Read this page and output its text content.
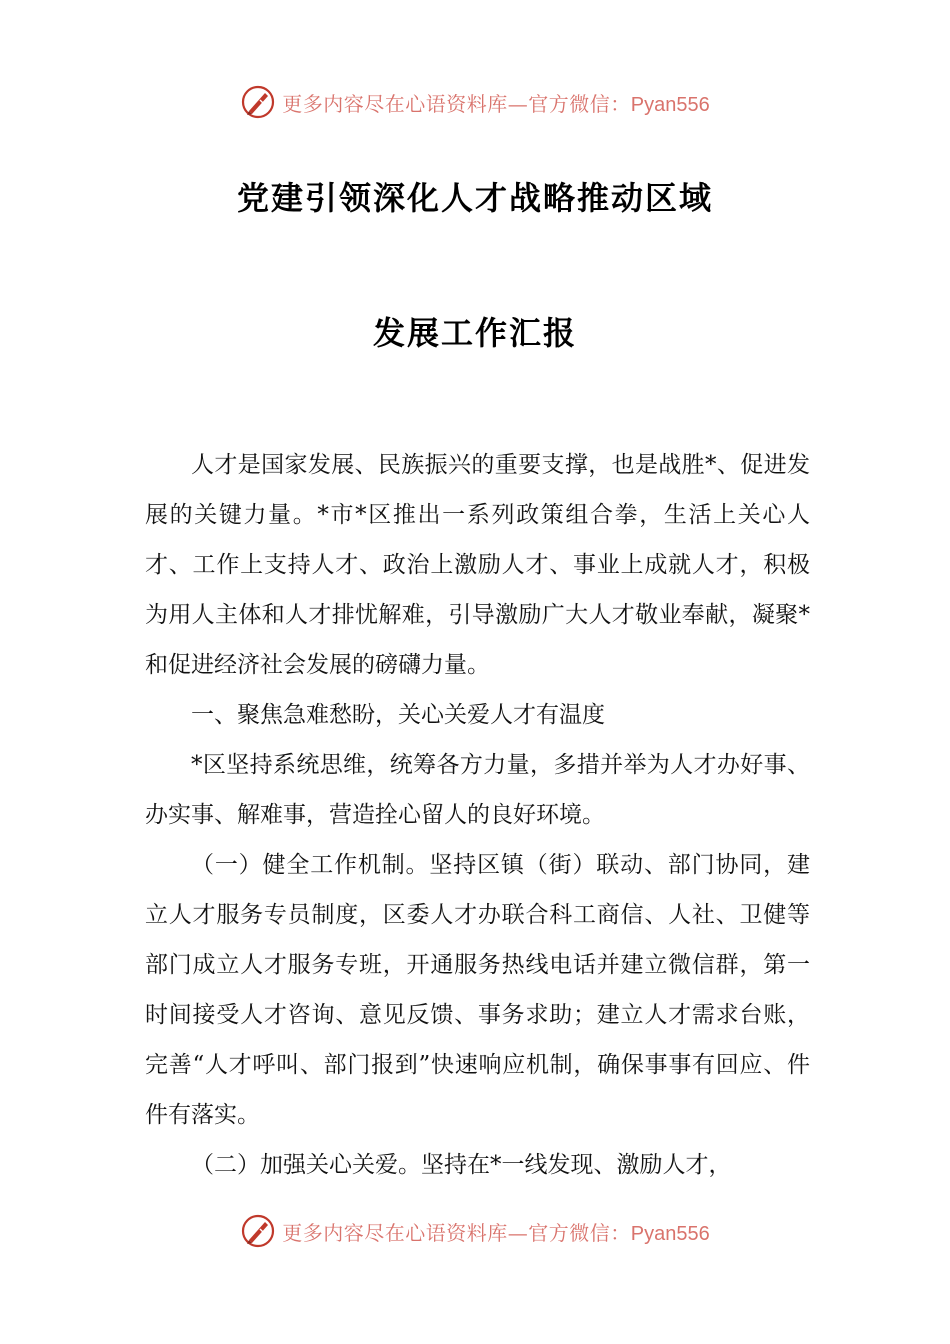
更多内容尽在心语资料库—官方微信：Pyan556
党建引领深化人才战略推动区域
发展工作汇报

人才是国家发展、民族振兴的重要支撑，也是战胜*、促进发展的关键力量。*市*区推出一系列政策组合拳，生活上关心人才、工作上支持人才、政治上激励人才、事业上成就人才，积极为用人主体和人才排忧解难，引导激励广大人才敬业奉献，凝聚*和促进经济社会发展的磅礴力量。

一、聚焦急难愁盼，关心关爱人才有温度

*区坚持系统思维，统筹各方力量，多措并举为人才办好事、办实事、解难事，营造拴心留人的良好环境。

（一）健全工作机制。坚持区镇（街）联动、部门协同，建立人才服务专员制度，区委人才办联合科工商信、人社、卫健等部门成立人才服务专班，开通服务热线电话并建立微信群，第一时间接受人才咨询、意见反馈、事务求助；建立人才需求台账，完善“人才呼叫、部门报到”快速响应机制，确保事事有回应、件件有落实。

（二）加强关心关爱。坚持在*一线发现、激励人才，

更多内容尽在心语资料库—官方微信：Pyan556
